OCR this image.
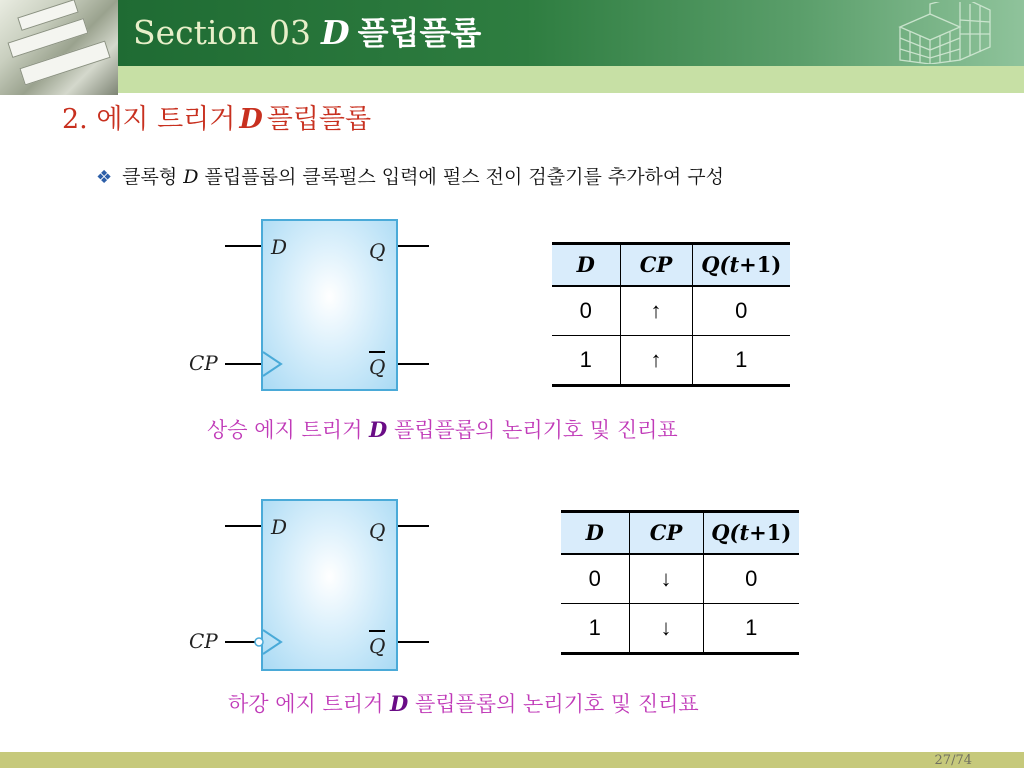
Section 03 D 플립플롭
2. 에지 트리거 D 플립플롭
❖ 클록형 D 플립플롭의 클록펄스 입력에 펄스 전이 검출기를 추가하여 구성
D	Q
CP	Q
D	CP	Q(t+1)
0	↑	0
1	↑	1
상승 에지 트리거 D 플립플롭의 논리기호 및 진리표
D	Q
CP	Q
D	CP	Q(t+1)
0	↓	0
1	↓	1
하강 에지 트리거 D 플립플롭의 논리기호 및 진리표
27/74
